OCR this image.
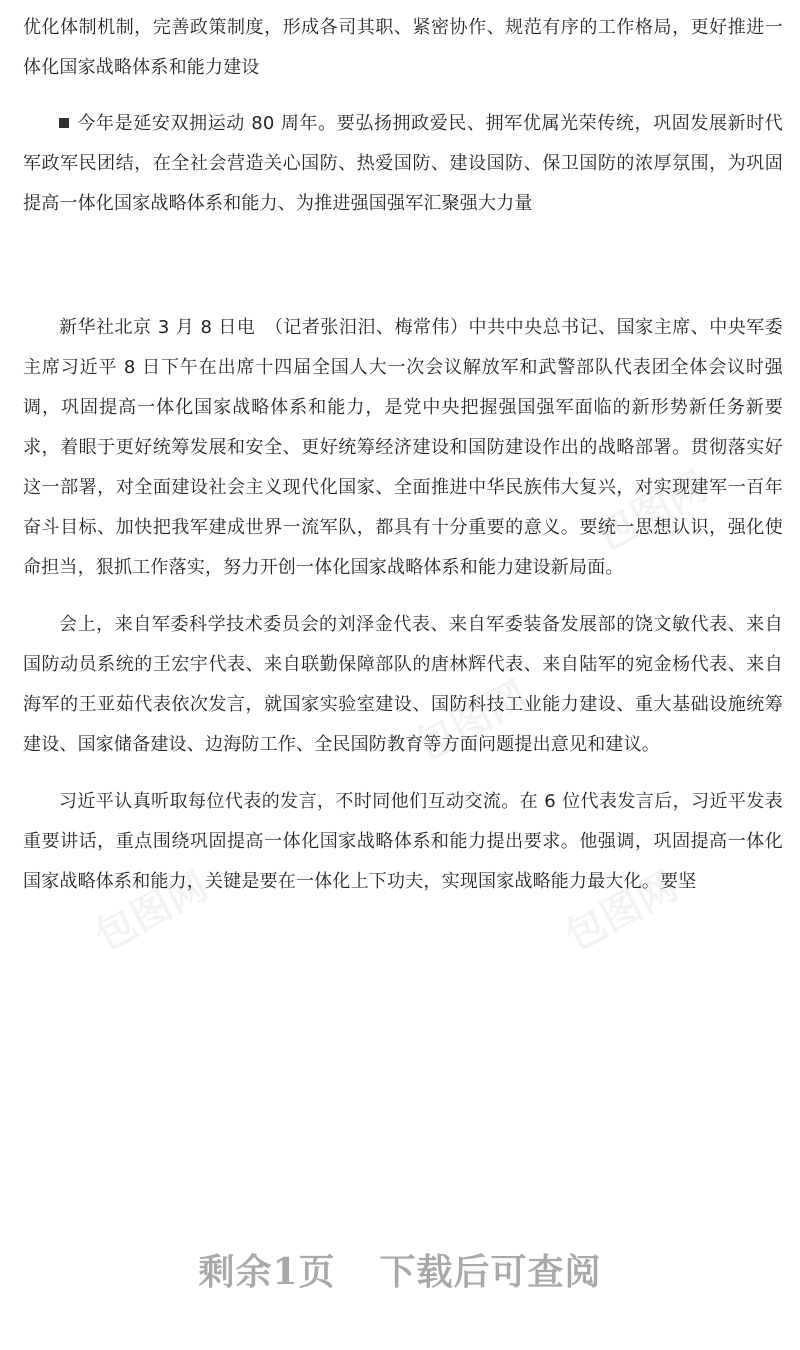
包图网
包图网
包图网	包图网

优化体制机制，完善政策制度，形成各司其职、紧密协作、规范有序的工作格局，更好推进一体化国家战略体系和能力建设

今年是延安双拥运动 80 周年。要弘扬拥政爱民、拥军优属光荣传统，巩固发展新时代军政军民团结，在全社会营造关心国防、热爱国防、建设国防、保卫国防的浓厚氛围，为巩固提高一体化国家战略体系和能力、为推进强国强军汇聚强大力量

新华社北京 3 月 8 日电　（记者张汨汨、梅常伟）中共中央总书记、国家主席、中央军委主席习近平 8 日下午在出席十四届全国人大一次会议解放军和武警部队代表团全体会议时强调，巩固提高一体化国家战略体系和能力，是党中央把握强国强军面临的新形势新任务新要求，着眼于更好统筹发展和安全、更好统筹经济建设和国防建设作出的战略部署。贯彻落实好这一部署，对全面建设社会主义现代化国家、全面推进中华民族伟大复兴，对实现建军一百年奋斗目标、加快把我军建成世界一流军队，都具有十分重要的意义。要统一思想认识，强化使命担当，狠抓工作落实，努力开创一体化国家战略体系和能力建设新局面。

会上，来自军委科学技术委员会的刘泽金代表、来自军委装备发展部的饶文敏代表、来自国防动员系统的王宏宇代表、来自联勤保障部队的唐林辉代表、来自陆军的宛金杨代表、来自海军的王亚茹代表依次发言，就国家实验室建设、国防科技工业能力建设、重大基础设施统筹建设、国家储备建设、边海防工作、全民国防教育等方面问题提出意见和建议。

习近平认真听取每位代表的发言，不时同他们互动交流。在 6 位代表发言后，习近平发表重要讲话，重点围绕巩固提高一体化国家战略体系和能力提出要求。他强调，巩固提高一体化国家战略体系和能力，关键是要在一体化上下功夫，实现国家战略能力最大化。要坚

剩余1页 下载后可查阅
